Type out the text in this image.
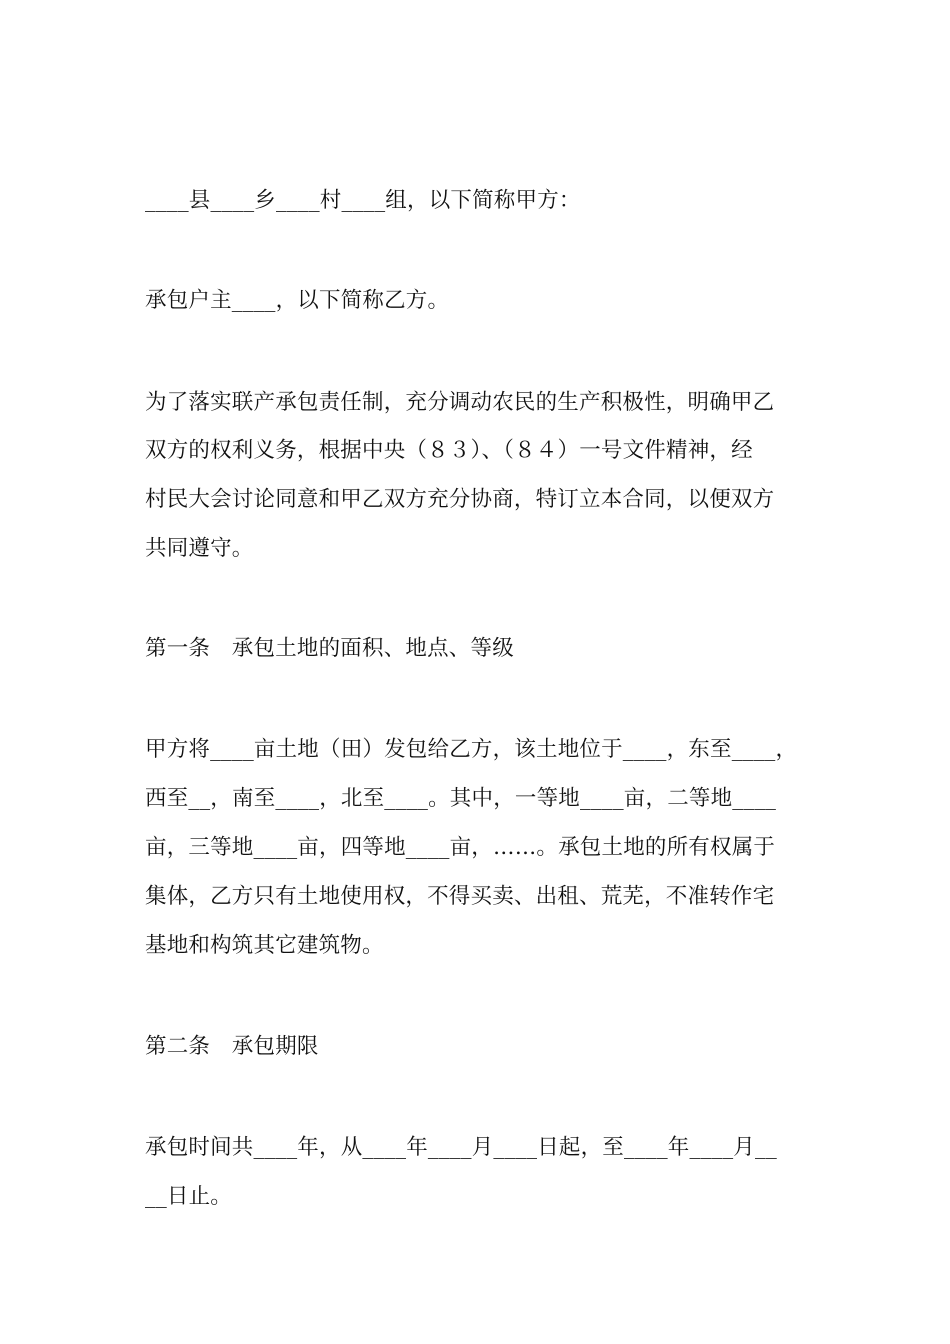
____县____乡____村____组，以下简称甲方：
承包户主____，以下简称乙方。
为了落实联产承包责任制，充分调动农民的生产积极性，明确甲乙
双方的权利义务，根据中央（８３）、（８４）一号文件精神，经
村民大会讨论同意和甲乙双方充分协商，特订立本合同，以便双方
共同遵守。
第一条　承包土地的面积、地点、等级
甲方将____亩土地（田）发包给乙方，该土地位于____，东至____，
西至__，南至____，北至____。其中，一等地____亩，二等地____
亩，三等地____亩，四等地____亩，……。承包土地的所有权属于
集体，乙方只有土地使用权，不得买卖、出租、荒芜，不准转作宅
基地和构筑其它建筑物。
第二条　承包期限
承包时间共____年，从____年____月____日起，至____年____月__
__日止。
